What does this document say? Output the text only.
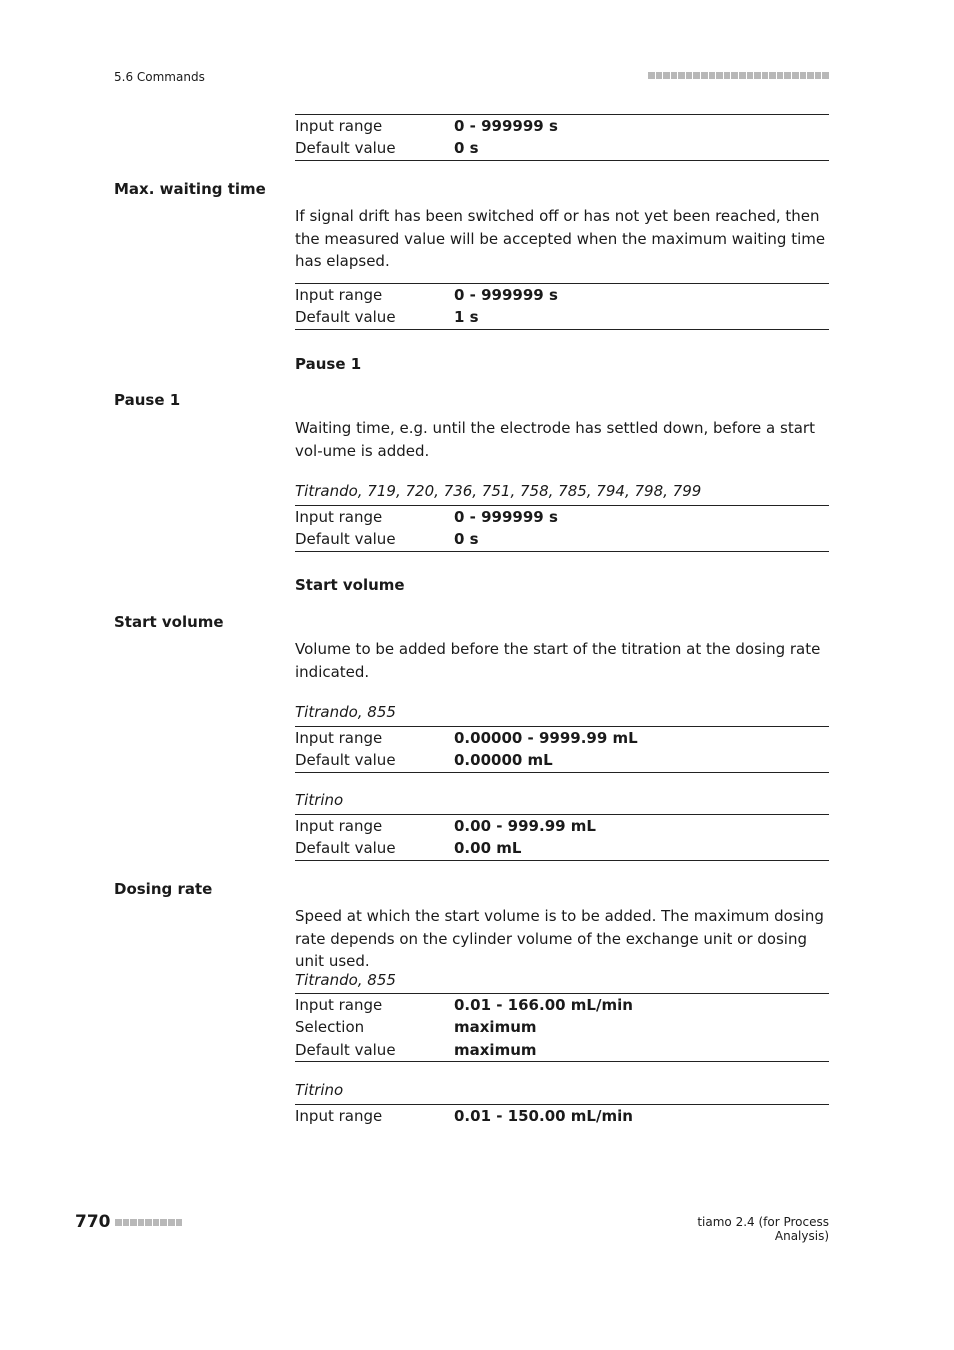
5.6 Commands
Input range	0 - 999999 s
Default value	0 s
Max. waiting time
If signal drift has been switched off or has not yet been reached, then the measured value will be accepted when the maximum waiting time has elapsed.
Input range	0 - 999999 s
Default value	1 s
Pause 1
Pause 1
Waiting time, e.g. until the electrode has settled down, before a start vol-ume is added.
Titrando, 719, 720, 736, 751, 758, 785, 794, 798, 799
Input range	0 - 999999 s
Default value	0 s
Start volume
Start volume
Volume to be added before the start of the titration at the dosing rate indicated.
Titrando, 855
Input range	0.00000 - 9999.99 mL
Default value	0.00000 mL
Titrino
Input range	0.00 - 999.99 mL
Default value	0.00 mL
Dosing rate
Speed at which the start volume is to be added. The maximum dosing rate depends on the cylinder volume of the exchange unit or dosing unit used.
Titrando, 855
Input range	0.01 - 166.00 mL/min
Selection	maximum
Default value	maximum
Titrino
Input range	0.01 - 150.00 mL/min
770	tiamo 2.4 (for Process Analysis)
